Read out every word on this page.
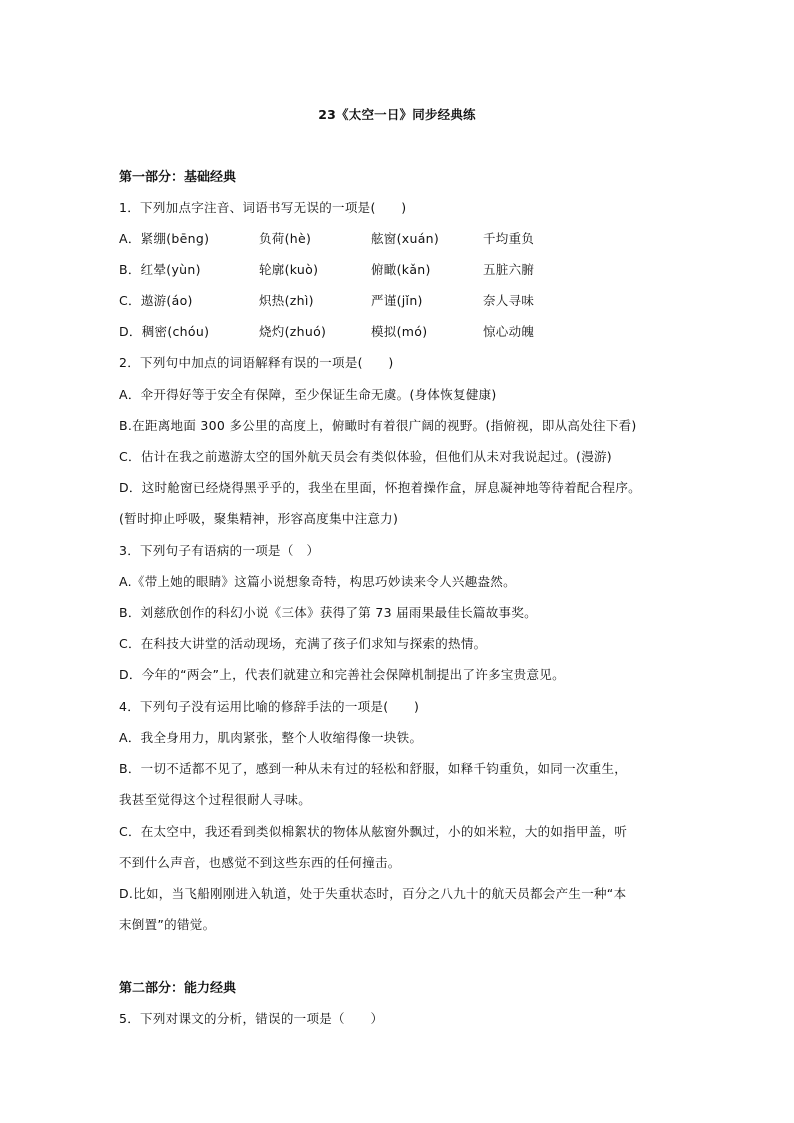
23《太空一日》同步经典练
第一部分：基础经典
1．下列加点字注音、词语书写无误的一项是(　　)
A．紧绷(bēng)	负荷(hè)	舷窗(xuán)	千均重负
B．红晕(yùn)	轮廓(kuò)	俯瞰(kǎn)	五脏六腑
C．遨游(áo)	炽热(zhì)	严谨(jǐn)	奈人寻味
D．稠密(chóu)	烧灼(zhuó)	模拟(mó)	惊心动魄
2．下列句中加点的词语解释有误的一项是(　　)
A．伞开得好等于安全有保障，至少保证生命无虞。(身体恢复健康)
B.在距离地面 300 多公里的高度上，俯瞰时有着很广阔的视野。(指俯视，即从高处往下看)
C．估计在我之前遨游太空的国外航天员会有类似体验，但他们从未对我说起过。(漫游)
D．这时舱窗已经烧得黑乎乎的，我坐在里面，怀抱着操作盒，屏息凝神地等待着配合程序。
(暂时抑止呼吸，聚集精神，形容高度集中注意力)
3．下列句子有语病的一项是（　）
A.《带上她的眼睛》这篇小说想象奇特，构思巧妙读来令人兴趣盎然。
B．刘慈欣创作的科幻小说《三体》获得了第 73 届雨果最佳长篇故事奖。
C．在科技大讲堂的活动现场，充满了孩子们求知与探索的热情。
D．今年的“两会”上，代表们就建立和完善社会保障机制提出了许多宝贵意见。
4．下列句子没有运用比喻的修辞手法的一项是(　　)
A．我全身用力，肌肉紧张，整个人收缩得像一块铁。
B．一切不适都不见了，感到一种从未有过的轻松和舒服，如释千钧重负，如同一次重生，
我甚至觉得这个过程很耐人寻味。
C．在太空中，我还看到类似棉絮状的物体从舷窗外飘过，小的如米粒，大的如指甲盖，听
不到什么声音，也感觉不到这些东西的任何撞击。
D.比如，当飞船刚刚进入轨道，处于失重状态时，百分之八九十的航天员都会产生一种“本
末倒置”的错觉。
第二部分：能力经典
5．下列对课文的分析，错误的一项是（　　）
